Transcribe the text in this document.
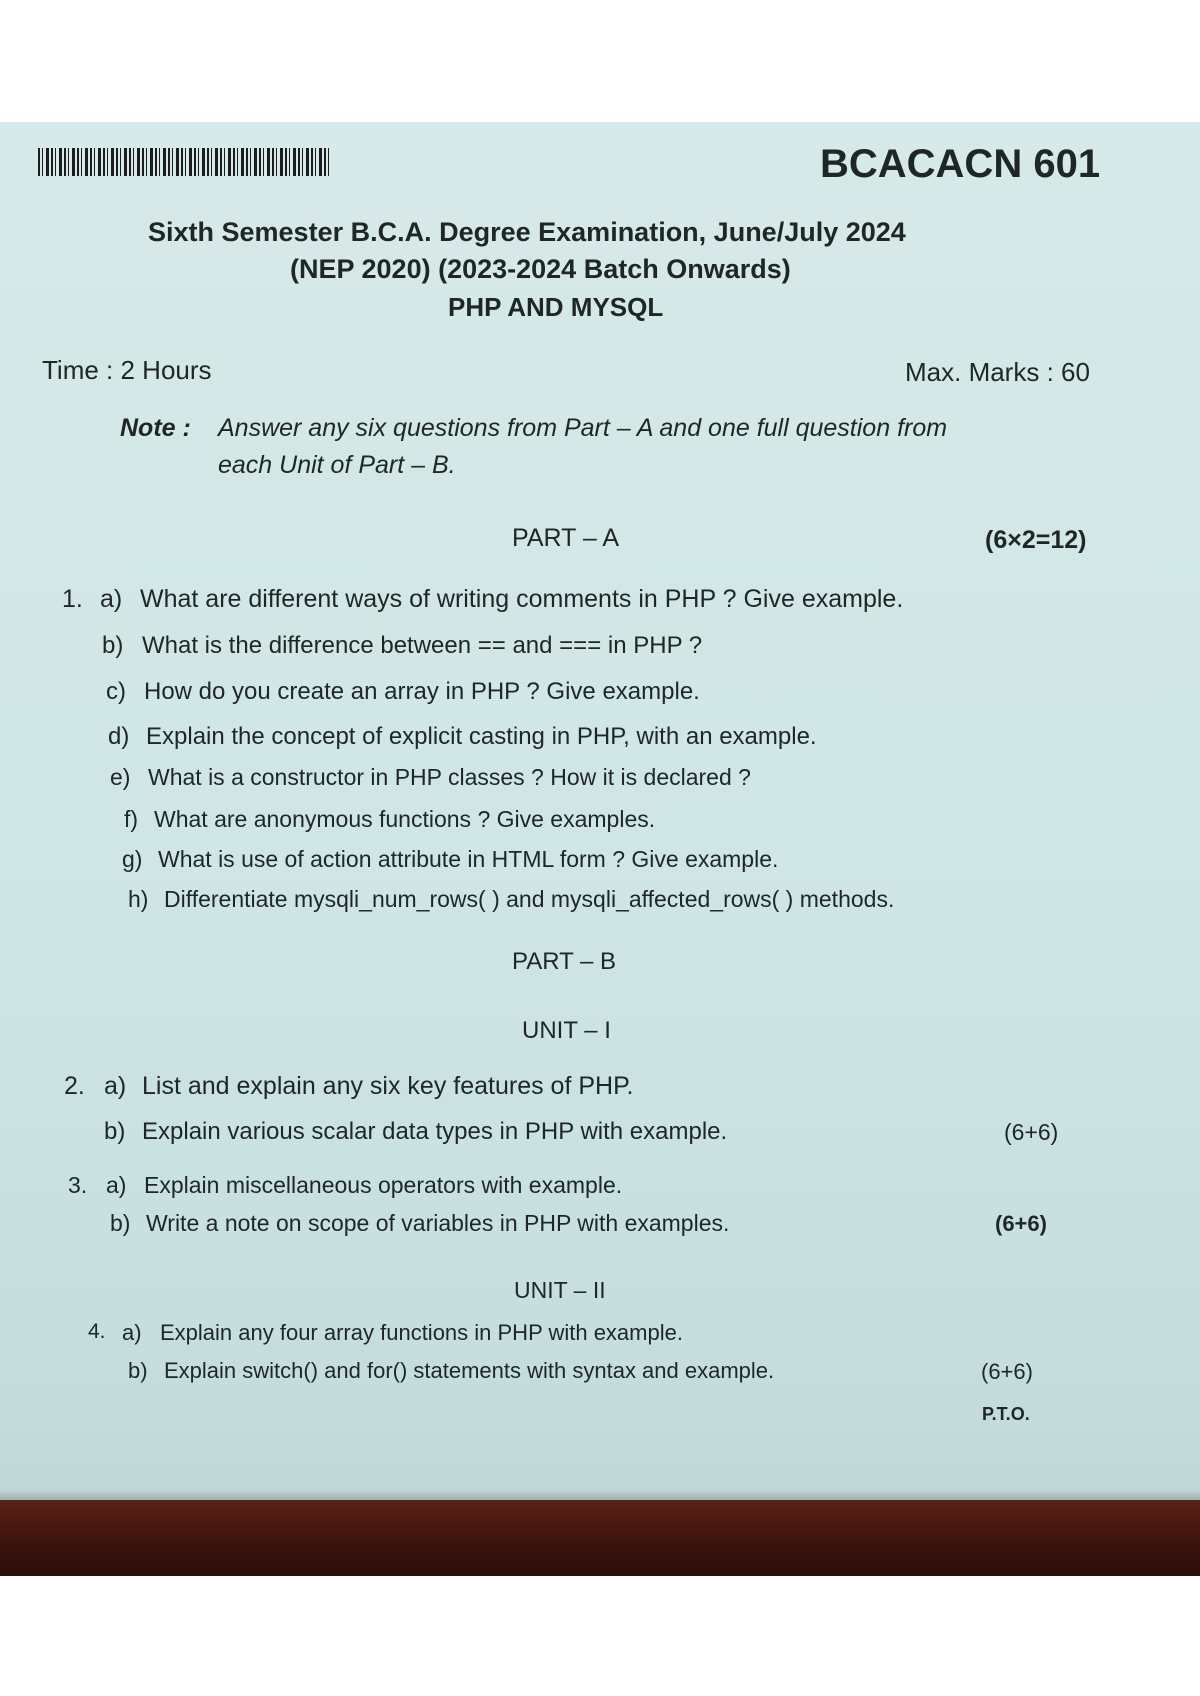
BCACACN 601
Sixth Semester B.C.A. Degree Examination, June/July 2024
(NEP 2020) (2023-2024 Batch Onwards)
PHP AND MYSQL
Time : 2 Hours	Max. Marks : 60
Note : Answer any six questions from Part – A and one full question from
each Unit of Part – B.
PART – A	(6×2=12)
1. a) What are different ways of writing comments in PHP ? Give example.
b) What is the difference between == and === in PHP ?
c) How do you create an array in PHP ? Give example.
d) Explain the concept of explicit casting in PHP, with an example.
e) What is a constructor in PHP classes ? How it is declared ?
f) What are anonymous functions ? Give examples.
g) What is use of action attribute in HTML form ? Give example.
h) Differentiate mysqli_num_rows( ) and mysqli_affected_rows( ) methods.
PART – B
UNIT – I
2. a) List and explain any six key features of PHP.
b) Explain various scalar data types in PHP with example.	(6+6)
3. a) Explain miscellaneous operators with example.
b) Write a note on scope of variables in PHP with examples.	(6+6)
UNIT – II
4. a) Explain any four array functions in PHP with example.
b) Explain switch() and for() statements with syntax and example.	(6+6)
P.T.O.
